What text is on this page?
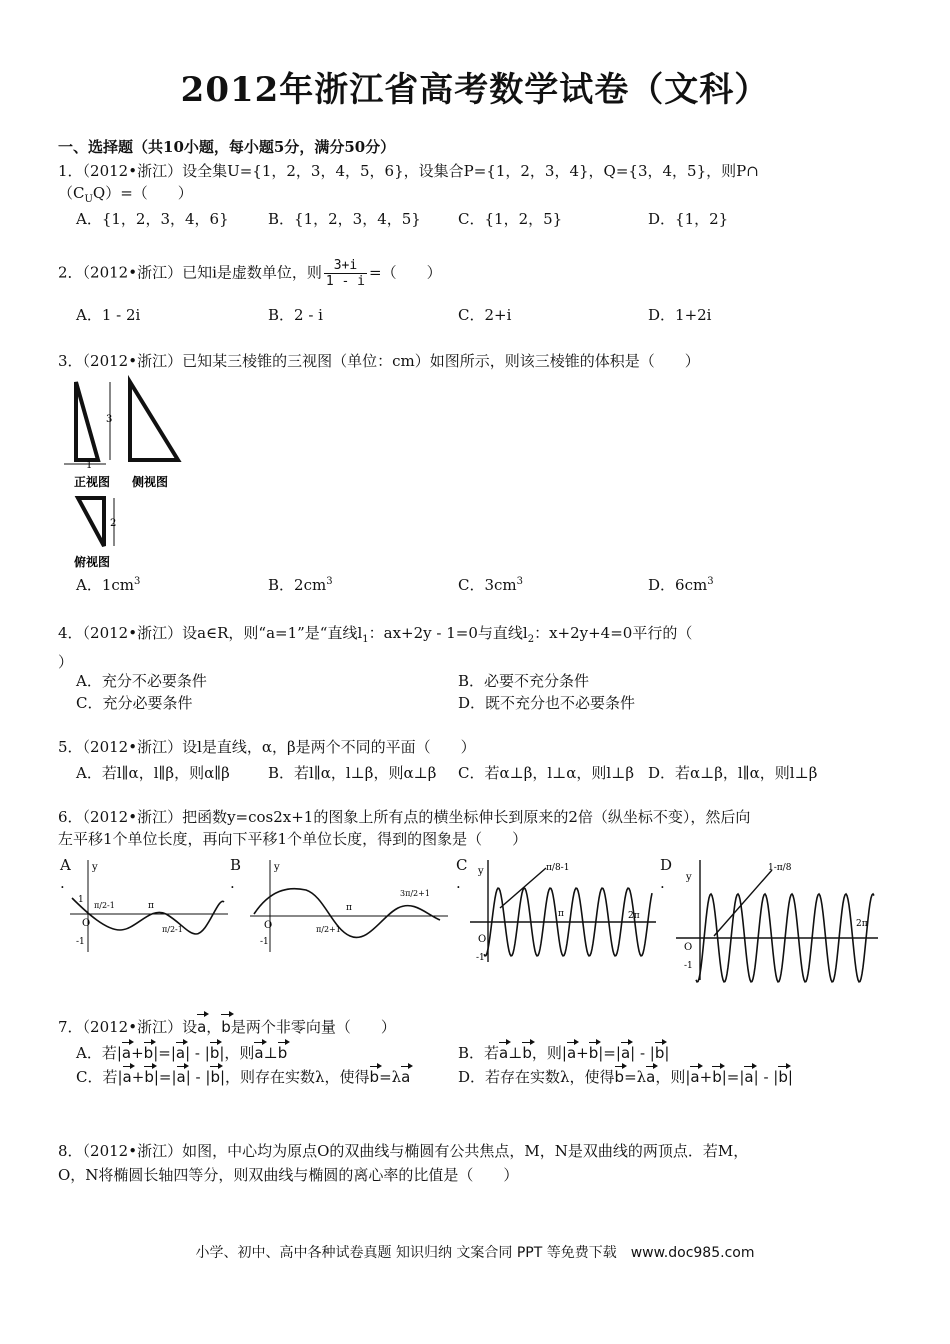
2012年浙江省高考数学试卷（文科）
一、选择题（共10小题，每小题5分，满分50分）
1．（2012•浙江）设全集U={1，2，3，4，5，6}，设集合P={1，2，3，4}，Q={3，4，5}，则P∩
$(C_UQ)=$（　　）
A．{1，2，3，4，6}	B．{1，2，3，4，5} C．{1，2，5}	D．{1，2}
2．（2012•浙江）已知i是虚数单位，则 $\frac{3+i}{1 - i}$ =（　　）
A．1 - 2i	B．2 - i	C．2+i	D．1+2i
3．（2012•浙江）已知某三棱锥的三视图（单位：cm）如图所示，则该三棱锥的体积是（　　）
3
1
正视图 侧视图
2
俯视图
A．$1cm^3$	B．$2cm^3$	C．$3cm^3$	D．$6cm^3$
4．（2012•浙江）设a∈R，则“a=1”是“直线$l_1$：ax+2y - 1=0与直线$l_2$：x+2y+4=0平行的（
）
A．充分不必要条件	B．必要不充分条件
C．充分必要条件	D．既不充分也不必要条件
5．（2012•浙江）设l是直线，α，β是两个不同的平面（　　）
A．若l∥α，l∥β，则α∥β	B．若l∥α，l⊥β，则α⊥β C．若α⊥β，l⊥α，则l⊥β D．若α⊥β，l∥α，则l⊥β
6．（2012•浙江）把函数y=cos2x+1的图象上所有点的横坐标伸长到原来的2倍（纵坐标不变），然后向
左平移1个单位长度，再向下平移1个单位长度，得到的图象是（　　）
A
.
B
.
C
.
D
.
y
O
1
-1
π/2-1	π
π/2-1
y
O
-1
π/2+1
π
3π/2+1
y
O
-1
π/8-1
π	2π
y
O
-1
1-π/8
2π
7．（2012•浙江）设a，b是两个非零向量（　　）
A．若|a+b|=|a| - |b|，则a⊥b	B．若a⊥b，则|a+b|=|a| - |b|
C．若|a+b|=|a| - |b|，则存在实数λ，使得b=λa	D．若存在实数λ，使得b=λa，则|a+b|=|a| - |b|
8．（2012•浙江）如图，中心均为原点O的双曲线与椭圆有公共焦点，M，N是双曲线的两顶点．若M，
O，N将椭圆长轴四等分，则双曲线与椭圆的离心率的比值是（　　）
小学、初中、高中各种试卷真题 知识归纳 文案合同 PPT 等免费下载　www.doc985.com
